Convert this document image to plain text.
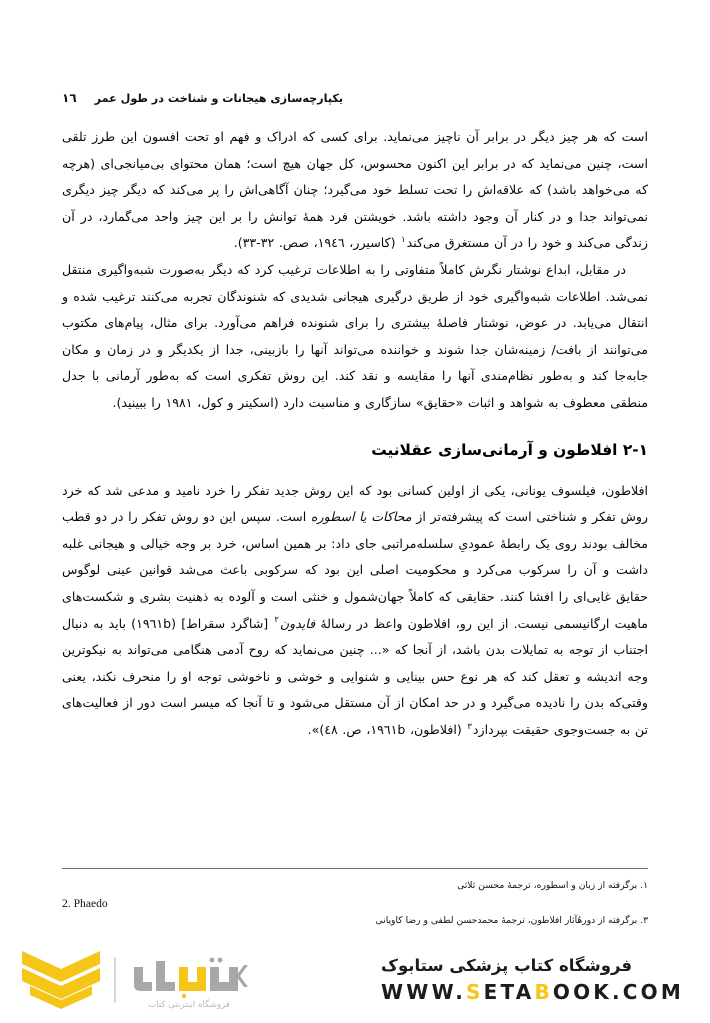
۱٦ یکپارچه‌سازی هیجانات و شناخت در طول عمر

است که هر چیز دیگر در برابر آن ناچیز می‌نماید. برای کسی که ادراک و فهم او تحت افسون این طرز تلقی است، چنین می‌نماید که در برابر این اکنون محسوس، کل جهان هیچ است؛ همان محتوای بی‌میانجی‌ای (هرچه که می‌خواهد باشد) که علاقه‌اش را تحت تسلط خود می‌گیرد؛ چنان آگاهی‌اش را پر می‌کند که دیگر چیز دیگری نمی‌تواند جدا و در کنار آن وجود داشته باشد. خویشتن فرد همهٔ توانش را بر این چیز واحد می‌گمارد، در آن زندگی می‌کند و خود را در آن مستغرق می‌کند$^۱$ (کاسیرر، ۱۹٤٦، صص. ۳۲-۳۳).

در مقابل، ابداع نوشتار نگرش کاملاً متفاوتی را به اطلاعات ترغیب کرد که دیگر به‌صورت شبه‌واگیری منتقل نمی‌شد. اطلاعات شبه‌واگیری خود از طریق درگیری هیجانی شدیدی که شنوندگان تجربه می‌کنند ترغیب شده و انتقال می‌یابد. در عوض، نوشتار فاصلهٔ بیشتری را برای شنونده فراهم می‌آورد. برای مثال، پیام‌های مکتوب می‌توانند از بافت/ زمینه‌شان جدا شوند و خواننده می‌تواند آنها را بازبینی، جدا از یکدیگر و در زمان و مکان جابه‌جا کند و به‌طور نظام‌مندی آنها را مقایسه و نقد کند. این روش تفکری است که به‌طور آرمانی با جدل منطقی معطوف به شواهد و اثبات «حقایق» سازگاری و مناسبت دارد (اسکینر و کول، ۱۹۸۱ را ببینید).

۲-۱ افلاطون و آرمانی‌سازی عقلانیت

افلاطون، فیلسوف یونانی، یکی از اولین کسانی بود که این روش جدید تفکر را خرد نامید و مدعی شد که خرد روش تفکر و شناختی است که پیشرفته‌تر از محاکات یا اسطوره است. سپس این دو روش تفکر را در دو قطب مخالف بودند روی یک رابطهٔ عمودیِ سلسله‌مراتبی جای داد: بر همین اساس، خرد بر وجه خیالی و هیجانی غلبه داشت و آن را سرکوب می‌کرد و محکومیت اصلی این بود که سرکوبی باعث می‌شد قوانین عینی لوگوس حقایق غایی‌ای را افشا کنند. حقایقی که کاملاً جهان‌شمول و خنثی است و آلوده به ذهنیت بشری و شکست‌های ماهیت ارگانیسمی نیست. از این رو، افلاطون واعظ در رسالهٔ فایدون$^۲$ [شاگرد سقراط] (۱۹٦۱b) باید به دنبال اجتناب از توجه به تمایلات بدن باشد، از آنجا که «... چنین می‌نماید که روح آدمی هنگامی می‌تواند به نیکوترین وجه اندیشه و تعقل کند که هر نوع حس بینایی و شنوایی و خوشی و ناخوشی توجه او را منحرف نکند، یعنی وقتی‌که بدن را نادیده می‌گیرد و در حد امکان از آن مستقل می‌شود و تا آنجا که میسر است دور از فعالیت‌های تن به جست‌وجوی حقیقت بپردازد$^۳$ (افلاطون، ۱۹٦۱b، ص. ٤۸)».

۱. برگرفته از زبان و اسطوره، ترجمهٔ محسن ثلاثی
2. Phaedo
۳. برگرفته از دورهٔآثار افلاطون، ترجمهٔ محمدحسن لطفی و رضا کاویانی
فروشگاه کتاب پزشکی ستابوک
WWW.SETABOOK.COM
فروشگاه اینترنتی کتاب
